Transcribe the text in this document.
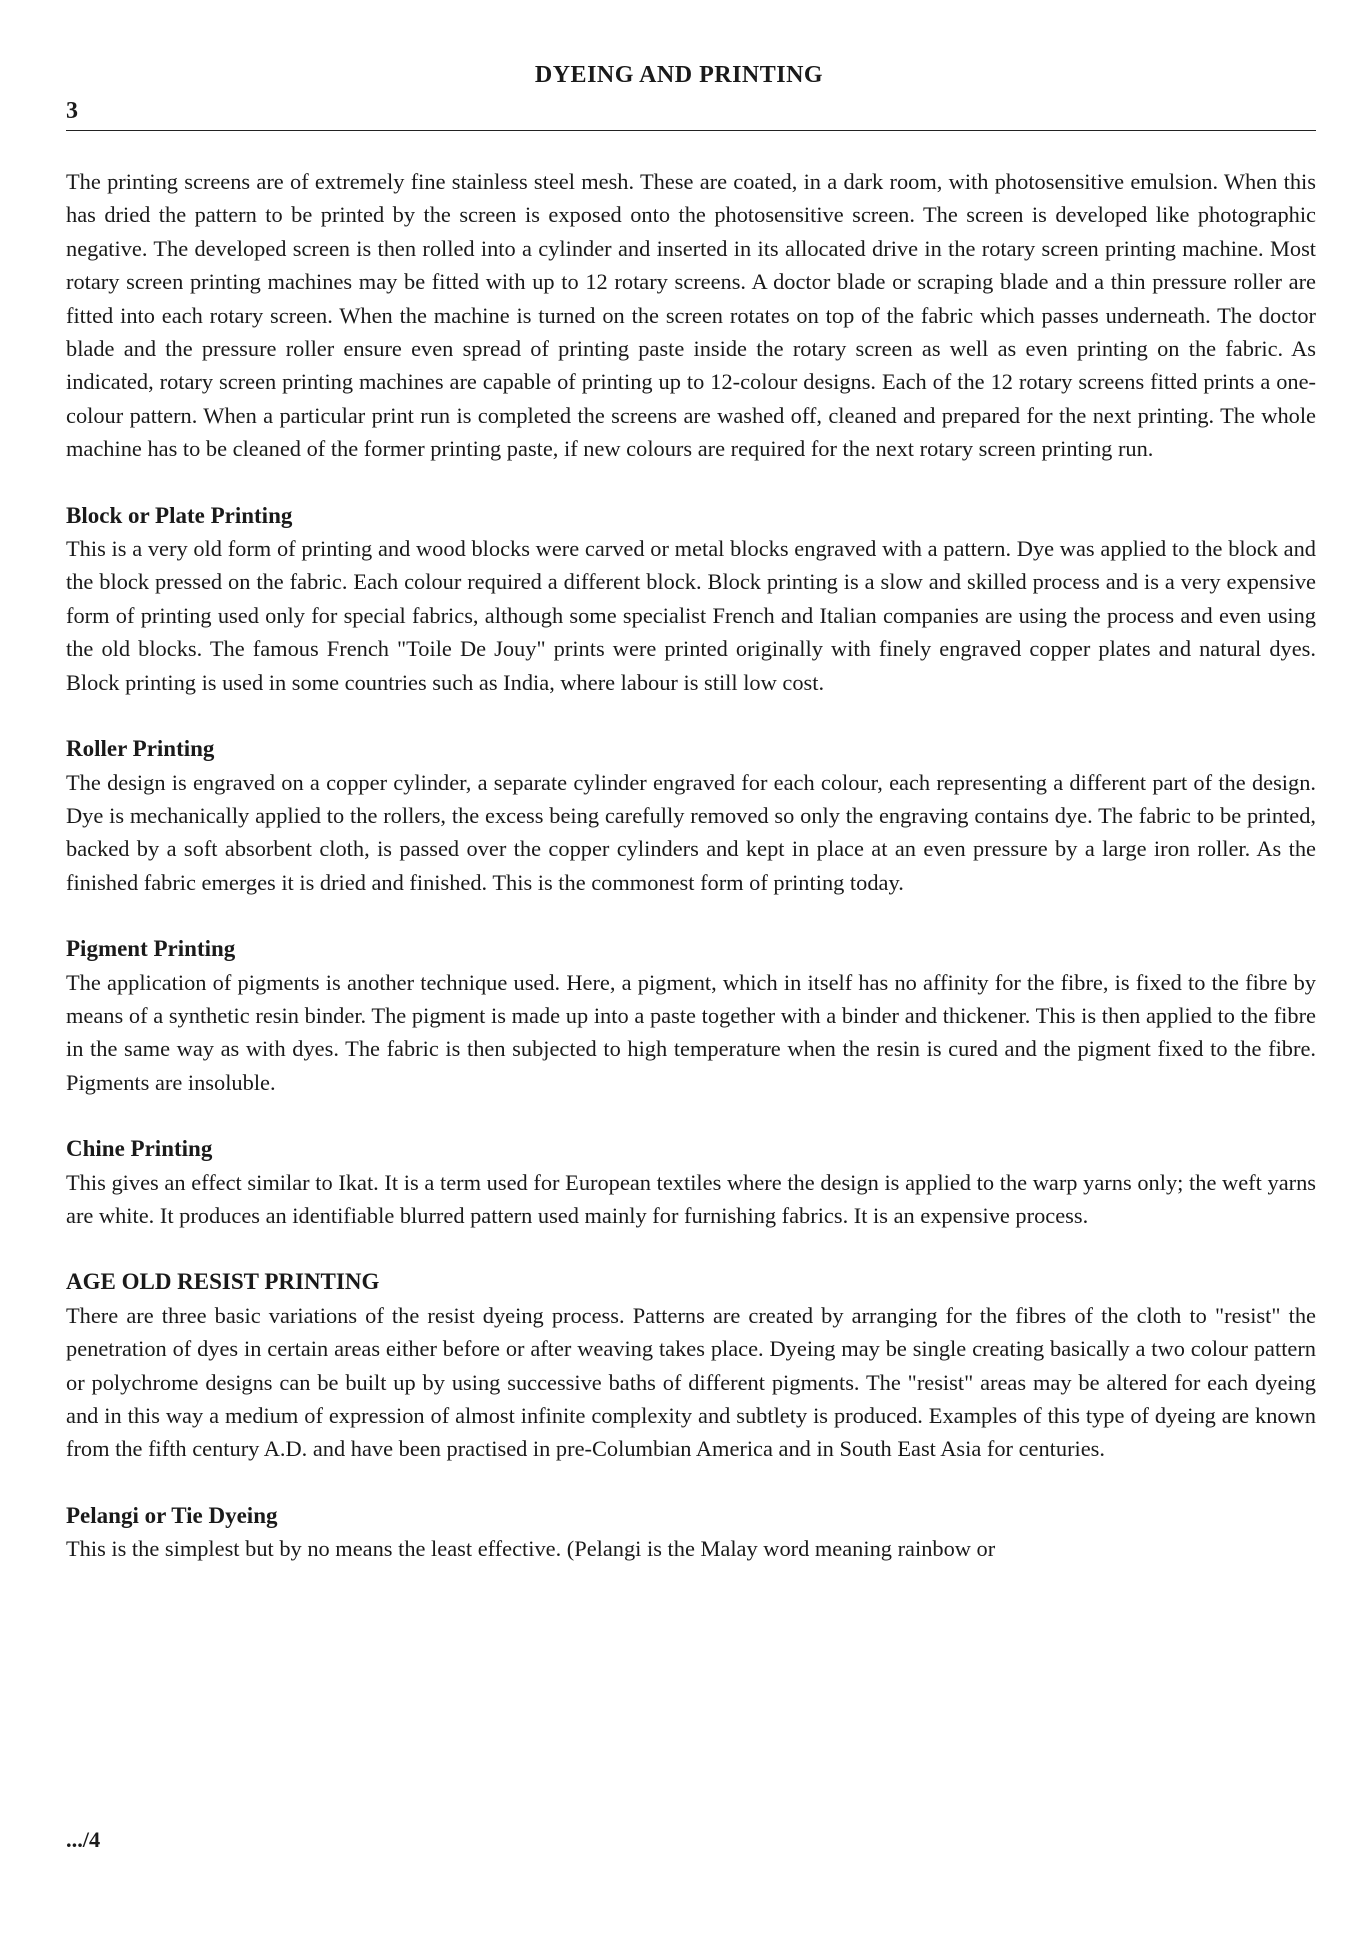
DYEING AND PRINTING
3

The printing screens are of extremely fine stainless steel mesh. These are coated, in a dark room, with photosensitive emulsion. When this has dried the pattern to be printed by the screen is exposed onto the photosensitive screen. The screen is developed like photographic negative. The developed screen is then rolled into a cylinder and inserted in its allocated drive in the rotary screen printing machine. Most rotary screen printing machines may be fitted with up to 12 rotary screens. A doctor blade or scraping blade and a thin pressure roller are fitted into each rotary screen. When the machine is turned on the screen rotates on top of the fabric which passes underneath. The doctor blade and the pressure roller ensure even spread of printing paste inside the rotary screen as well as even printing on the fabric. As indicated, rotary screen printing machines are capable of printing up to 12-colour designs. Each of the 12 rotary screens fitted prints a one-colour pattern. When a particular print run is completed the screens are washed off, cleaned and prepared for the next printing. The whole machine has to be cleaned of the former printing paste, if new colours are required for the next rotary screen printing run.

Block or Plate Printing

This is a very old form of printing and wood blocks were carved or metal blocks engraved with a pattern. Dye was applied to the block and the block pressed on the fabric. Each colour required a different block. Block printing is a slow and skilled process and is a very expensive form of printing used only for special fabrics, although some specialist French and Italian companies are using the process and even using the old blocks. The famous French "Toile De Jouy" prints were printed originally with finely engraved copper plates and natural dyes. Block printing is used in some countries such as India, where labour is still low cost.

Roller Printing

The design is engraved on a copper cylinder, a separate cylinder engraved for each colour, each representing a different part of the design. Dye is mechanically applied to the rollers, the excess being carefully removed so only the engraving contains dye. The fabric to be printed, backed by a soft absorbent cloth, is passed over the copper cylinders and kept in place at an even pressure by a large iron roller. As the finished fabric emerges it is dried and finished. This is the commonest form of printing today.

Pigment Printing

The application of pigments is another technique used. Here, a pigment, which in itself has no affinity for the fibre, is fixed to the fibre by means of a synthetic resin binder. The pigment is made up into a paste together with a binder and thickener. This is then applied to the fibre in the same way as with dyes. The fabric is then subjected to high temperature when the resin is cured and the pigment fixed to the fibre. Pigments are insoluble.

Chine Printing

This gives an effect similar to Ikat. It is a term used for European textiles where the design is applied to the warp yarns only; the weft yarns are white. It produces an identifiable blurred pattern used mainly for furnishing fabrics. It is an expensive process.

AGE OLD RESIST PRINTING

There are three basic variations of the resist dyeing process. Patterns are created by arranging for the fibres of the cloth to "resist" the penetration of dyes in certain areas either before or after weaving takes place. Dyeing may be single creating basically a two colour pattern or polychrome designs can be built up by using successive baths of different pigments. The "resist" areas may be altered for each dyeing and in this way a medium of expression of almost infinite complexity and subtlety is produced. Examples of this type of dyeing are known from the fifth century A.D. and have been practised in pre-Columbian America and in South East Asia for centuries.

Pelangi or Tie Dyeing

This is the simplest but by no means the least effective. (Pelangi is the Malay word meaning rainbow or

.../4
